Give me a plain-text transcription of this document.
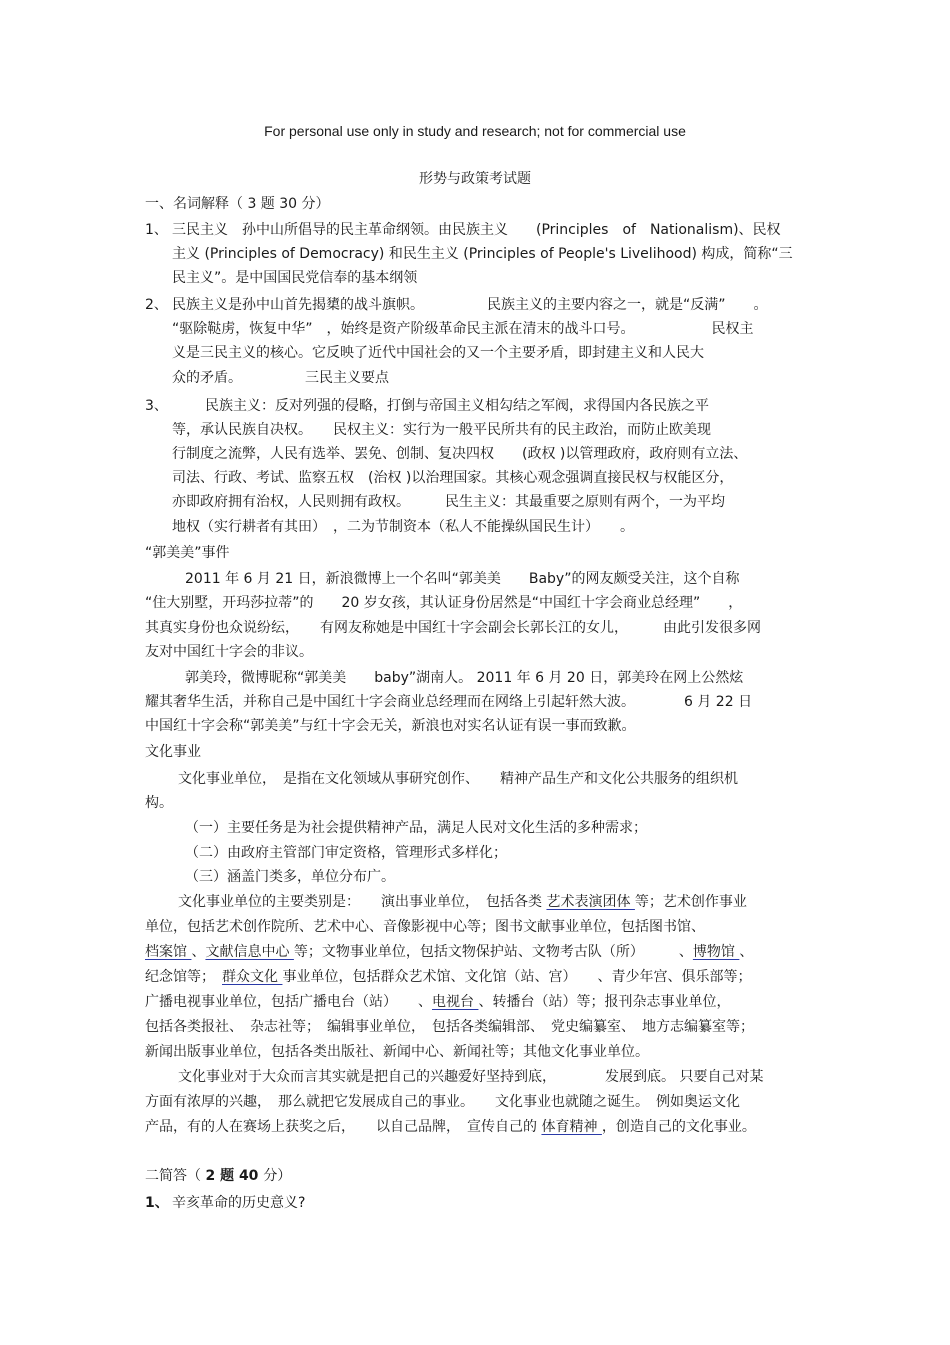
For personal use only in study and research; not for commercial use
形势与政策考试题
一、名词解释（ 3 题 30 分）
1、 三民主义　孙中山所倡导的民主革命纲领。由民族主义　　(Principles　of　Nationalism)、民权
主义 (Principles of Democracy) 和民生主义 (Principles of People's Livelihood) 构成，简称“三
民主义”。是中国国民党信奉的基本纲领
2、 民族主义是孙中山首先揭橥的战斗旗帜。　　　　　民族主义的主要内容之一，就是“反满”　　。
“驱除鞑虏，恢复中华”　，始终是资产阶级革命民主派在清末的战斗口号。　　　　　　民权主
义是三民主义的核心。它反映了近代中国社会的又一个主要矛盾，即封建主义和人民大
众的矛盾。　　　　　三民主义要点
3、	民族主义：反对列强的侵略，打倒与帝国主义相勾结之军阀，求得国内各民族之平
等，承认民族自决权。　　民权主义：实行为一般平民所共有的民主政治，而防止欧美现
行制度之流弊，人民有选举、罢免、创制、复决四权　　(政权 )以管理政府，政府则有立法、
司法、行政、考试、监察五权　(治权 )以治理国家。其核心观念强调直接民权与权能区分，
亦即政府拥有治权，人民则拥有政权。　　　民生主义：其最重要之原则有两个，一为平均
地权（实行耕者有其田）　，二为节制资本（私人不能操纵国民生计）　　。
“郭美美”事件
2011 年 6 月 21 日，新浪微博上一个名叫“郭美美　　Baby”的网友颇受关注，这个自称
“住大别墅，开玛莎拉蒂”的　　20 岁女孩，其认证身份居然是“中国红十字会商业总经理”　　，
其真实身份也众说纷纭，　　有网友称她是中国红十字会副会长郭长江的女儿，　　　由此引发很多网
友对中国红十字会的非议。
郭美玲，微博昵称“郭美美　　baby”湖南人。 2011 年 6 月 20 日，郭美玲在网上公然炫
耀其奢华生活，并称自己是中国红十字会商业总经理而在网络上引起轩然大波。　　　　6 月 22 日
中国红十字会称“郭美美”与红十字会无关，新浪也对实名认证有误一事而致歉。
文化事业
文化事业单位，　是指在文化领域从事研究创作、　　精神产品生产和文化公共服务的组织机
构。
（一）主要任务是为社会提供精神产品，满足人民对文化生活的多种需求；
（二）由政府主管部门审定资格，管理形式多样化；
（三）涵盖门类多，单位分布广。
文化事业单位的主要类别是：　　演出事业单位，　包括各类 艺术表演团体 等；艺术创作事业
单位，包括艺术创作院所、艺术中心、音像影视中心等；图书文献事业单位，包括图书馆、
档案馆 、文献信息中心 等；文物事业单位，包括文物保护站、文物考古队（所）　　　、博物馆 、
纪念馆等；　群众文化 事业单位，包括群众艺术馆、文化馆（站、宫）　　、青少年宫、俱乐部等；
广播电视事业单位，包括广播电台（站）　　、电视台 、转播台（站）等；报刊杂志事业单位，
包括各类报社、　杂志社等；　编辑事业单位，　包括各类编辑部、　党史编纂室、　地方志编纂室等；
新闻出版事业单位，包括各类出版社、新闻中心、新闻社等；其他文化事业单位。
文化事业对于大众而言其实就是把自己的兴趣爱好坚持到底，　　　　发展到底。 只要自己对某
方面有浓厚的兴趣，　那么就把它发展成自己的事业。　　文化事业也就随之诞生。　例如奥运文化
产品，有的人在赛场上获奖之后，　　以自己品牌，　宣传自己的 体育精神 ，创造自己的文化事业。
二简答（ 2 题 40 分）
1、 辛亥革命的历史意义?
